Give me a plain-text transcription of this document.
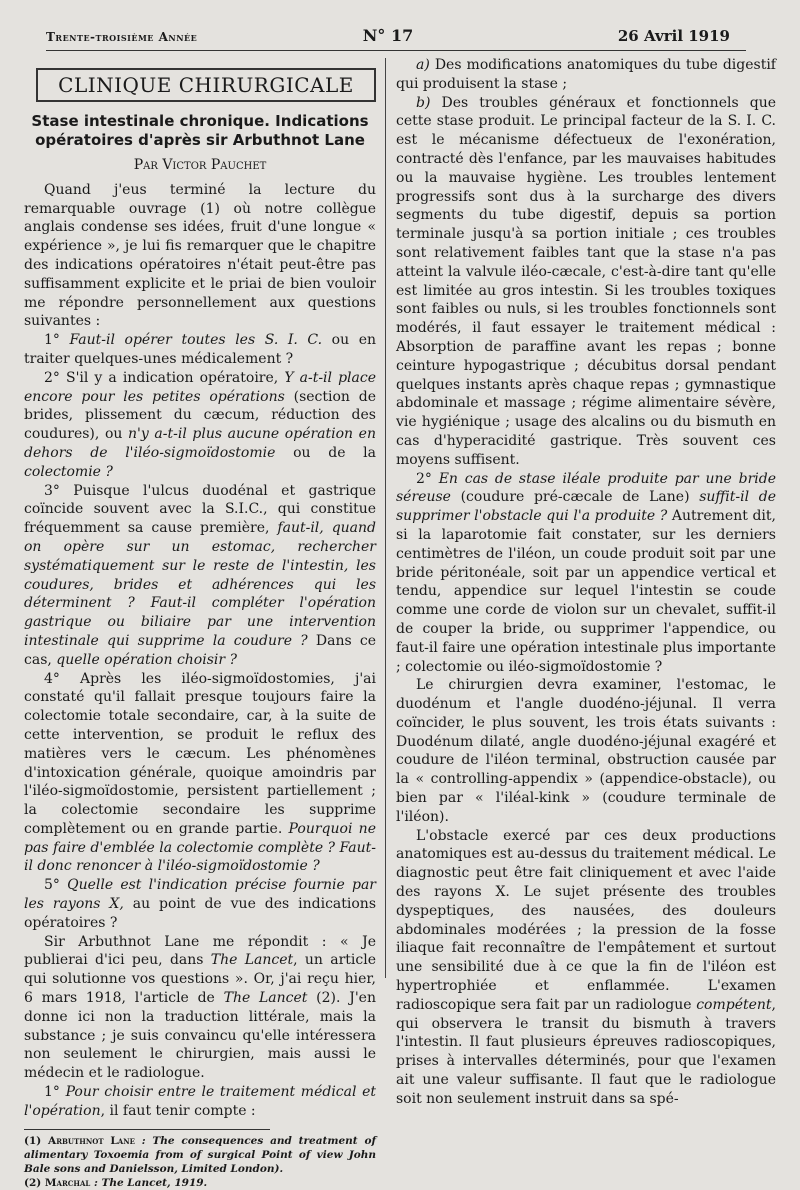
Trente-troisième Année	N° 17	26 Avril 1919
CLINIQUE CHIRURGICALE
Stase intestinale chronique. Indications opératoires d'après sir Arbuthnot Lane
Par Victor Pauchet

Quand j'eus terminé la lecture du remarquable ouvrage (1) où notre collègue anglais condense ses idées, fruit d'une longue « expérience », je lui fis remarquer que le chapitre des indications opératoires n'était peut-être pas suffisamment explicite et le priai de bien vouloir me répondre personnellement aux questions suivantes :

1° Faut-il opérer toutes les S. I. C. ou en traiter quelques-unes médicalement ?

2° S'il y a indication opératoire, Y a-t-il place encore pour les petites opérations (section de brides, plissement du cæcum, réduction des coudures), ou n'y a-t-il plus aucune opération en dehors de l'iléo-sigmoïdostomie ou de la colectomie ?

3° Puisque l'ulcus duodénal et gastrique coïncide souvent avec la S.I.C., qui constitue fréquemment sa cause première, faut-il, quand on opère sur un estomac, rechercher systématiquement sur le reste de l'intestin, les coudures, brides et adhérences qui les déterminent ? Faut-il compléter l'opération gastrique ou biliaire par une intervention intestinale qui supprime la coudure ? Dans ce cas, quelle opération choisir ?

4° Après les iléo-sigmoïdostomies, j'ai constaté qu'il fallait presque toujours faire la colectomie totale secondaire, car, à la suite de cette intervention, se produit le reflux des matières vers le cæcum. Les phénomènes d'intoxication générale, quoique amoindris par l'iléo-sigmoïdostomie, persistent partiellement ; la colectomie secondaire les supprime complètement ou en grande partie. Pourquoi ne pas faire d'emblée la colectomie complète ? Faut-il donc renoncer à l'iléo-sigmoïdostomie ?

5° Quelle est l'indication précise fournie par les rayons X, au point de vue des indications opératoires ?

Sir Arbuthnot Lane me répondit : « Je publierai d'ici peu, dans The Lancet, un article qui solutionne vos questions ». Or, j'ai reçu hier, 6 mars 1918, l'article de The Lancet (2). J'en donne ici non la traduction littérale, mais la substance ; je suis convaincu qu'elle intéressera non seulement le chirurgien, mais aussi le médecin et le radiologue.

1° Pour choisir entre le traitement médical et l'opération, il faut tenir compte :

(1) Arbuthnot Lane : The consequences and treatment of alimentary Toxoemia from of surgical Point of view John Bale sons and Danielsson, Limited London).

(2) Marchal : The Lancet, 1919.

a) Des modifications anatomiques du tube digestif qui produisent la stase ;

b) Des troubles généraux et fonctionnels que cette stase produit. Le principal facteur de la S. I. C. est le mécanisme défectueux de l'exonération, contracté dès l'enfance, par les mauvaises habitudes ou la mauvaise hygiène. Les troubles lentement progressifs sont dus à la surcharge des divers segments du tube digestif, depuis sa portion terminale jusqu'à sa portion initiale ; ces troubles sont relativement faibles tant que la stase n'a pas atteint la valvule iléo-cæcale, c'est-à-dire tant qu'elle est limitée au gros intestin. Si les troubles toxiques sont faibles ou nuls, si les troubles fonctionnels sont modérés, il faut essayer le traitement médical : Absorption de paraffine avant les repas ; bonne ceinture hypogastrique ; décubitus dorsal pendant quelques instants après chaque repas ; gymnastique abdominale et massage ; régime alimentaire sévère, vie hygiénique ; usage des alcalins ou du bismuth en cas d'hyperacidité gastrique. Très souvent ces moyens suffisent.

2° En cas de stase iléale produite par une bride séreuse (coudure pré-cæcale de Lane) suffit-il de supprimer l'obstacle qui l'a produite ? Autrement dit, si la laparotomie fait constater, sur les derniers centimètres de l'iléon, un coude produit soit par une bride péritonéale, soit par un appendice vertical et tendu, appendice sur lequel l'intestin se coude comme une corde de violon sur un chevalet, suffit-il de couper la bride, ou supprimer l'appendice, ou faut-il faire une opération intestinale plus importante ; colectomie ou iléo-sigmoïdostomie ?

Le chirurgien devra examiner, l'estomac, le duodénum et l'angle duodéno-jéjunal. Il verra coïncider, le plus souvent, les trois états suivants : Duodénum dilaté, angle duodéno-jéjunal exagéré et coudure de l'iléon terminal, obstruction causée par la « controlling-appendix » (appendice-obstacle), ou bien par « l'iléal-kink » (coudure terminale de l'iléon).

L'obstacle exercé par ces deux productions anatomiques est au-dessus du traitement médical. Le diagnostic peut être fait cliniquement et avec l'aide des rayons X. Le sujet présente des troubles dyspeptiques, des nausées, des douleurs abdominales modérées ; la pression de la fosse iliaque fait reconnaître de l'empâtement et surtout une sensibilité due à ce que la fin de l'iléon est hypertrophiée et enflammée. L'examen radioscopique sera fait par un radiologue compétent, qui observera le transit du bismuth à travers l'intestin. Il faut plusieurs épreuves radioscopiques, prises à intervalles déterminés, pour que l'examen ait une valeur suffisante. Il faut que le radiologue soit non seulement instruit dans sa spé-
